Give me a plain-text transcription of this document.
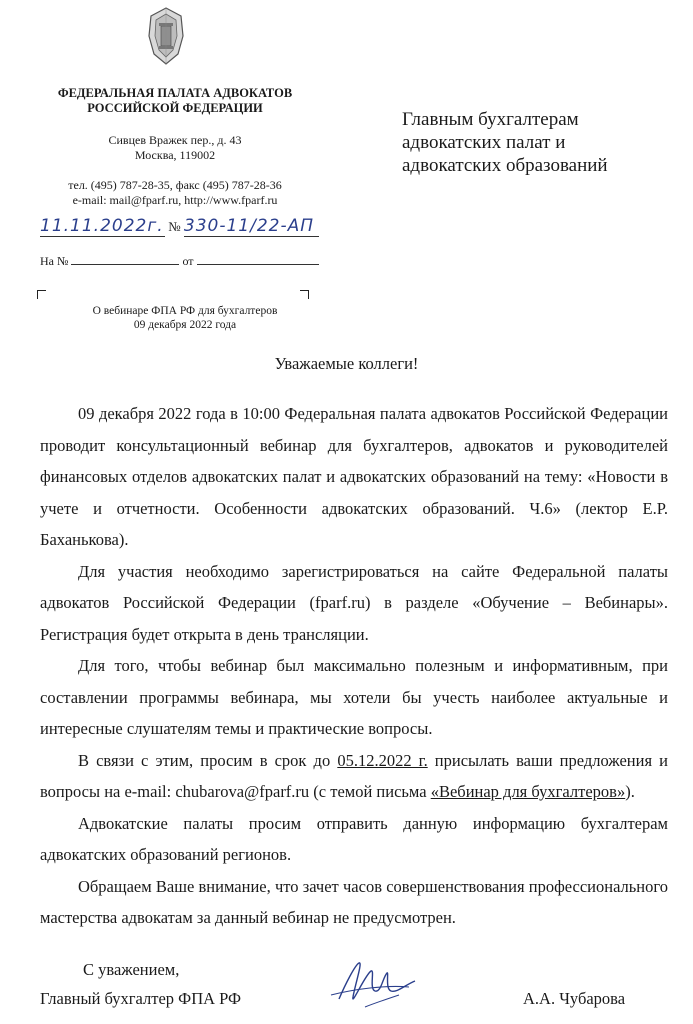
ФЕДЕРАЛЬНАЯ ПАЛАТА АДВОКАТОВ
РОССИЙСКОЙ ФЕДЕРАЦИИ
Сивцев Вражек пер., д. 43
Москва, 119002
тел. (495) 787-28-35, факс (495) 787-28-36
e-mail: mail@fparf.ru, http://www.fparf.ru
11.11.2022г. № 330-11/22-АП
На №	от
О вебинаре ФПА РФ для бухгалтеров
09 декабря 2022 года
Главным бухгалтерам
адвокатских палат и
адвокатских образований
Уважаемые коллеги!

09 декабря 2022 года в 10:00 Федеральная палата адвокатов Российской Федерации проводит консультационный вебинар для бухгалтеров, адвокатов и руководителей финансовых отделов адвокатских палат и адвокатских образований на тему: «Новости в учете и отчетности. Особенности адвокатских образований. Ч.6» (лектор Е.Р. Баханькова).

Для участия необходимо зарегистрироваться на сайте Федеральной палаты адвокатов Российской Федерации (fparf.ru) в разделе «Обучение – Вебинары». Регистрация будет открыта в день трансляции.

Для того, чтобы вебинар был максимально полезным и информативным, при составлении программы вебинара, мы хотели бы учесть наиболее актуальные и интересные слушателям темы и практические вопросы.

В связи с этим, просим в срок до 05.12.2022 г. присылать ваши предложения и вопросы на e-mail: chubarova@fparf.ru (с темой письма «Вебинар для бухгалтеров»).

Адвокатские палаты просим отправить данную информацию бухгалтерам адвокатских образований регионов.

Обращаем Ваше внимание, что зачет часов совершенствования профессионального мастерства адвокатам за данный вебинар не предусмотрен.

С уважением,
Главный бухгалтер ФПА РФ	А.А. Чубарова
